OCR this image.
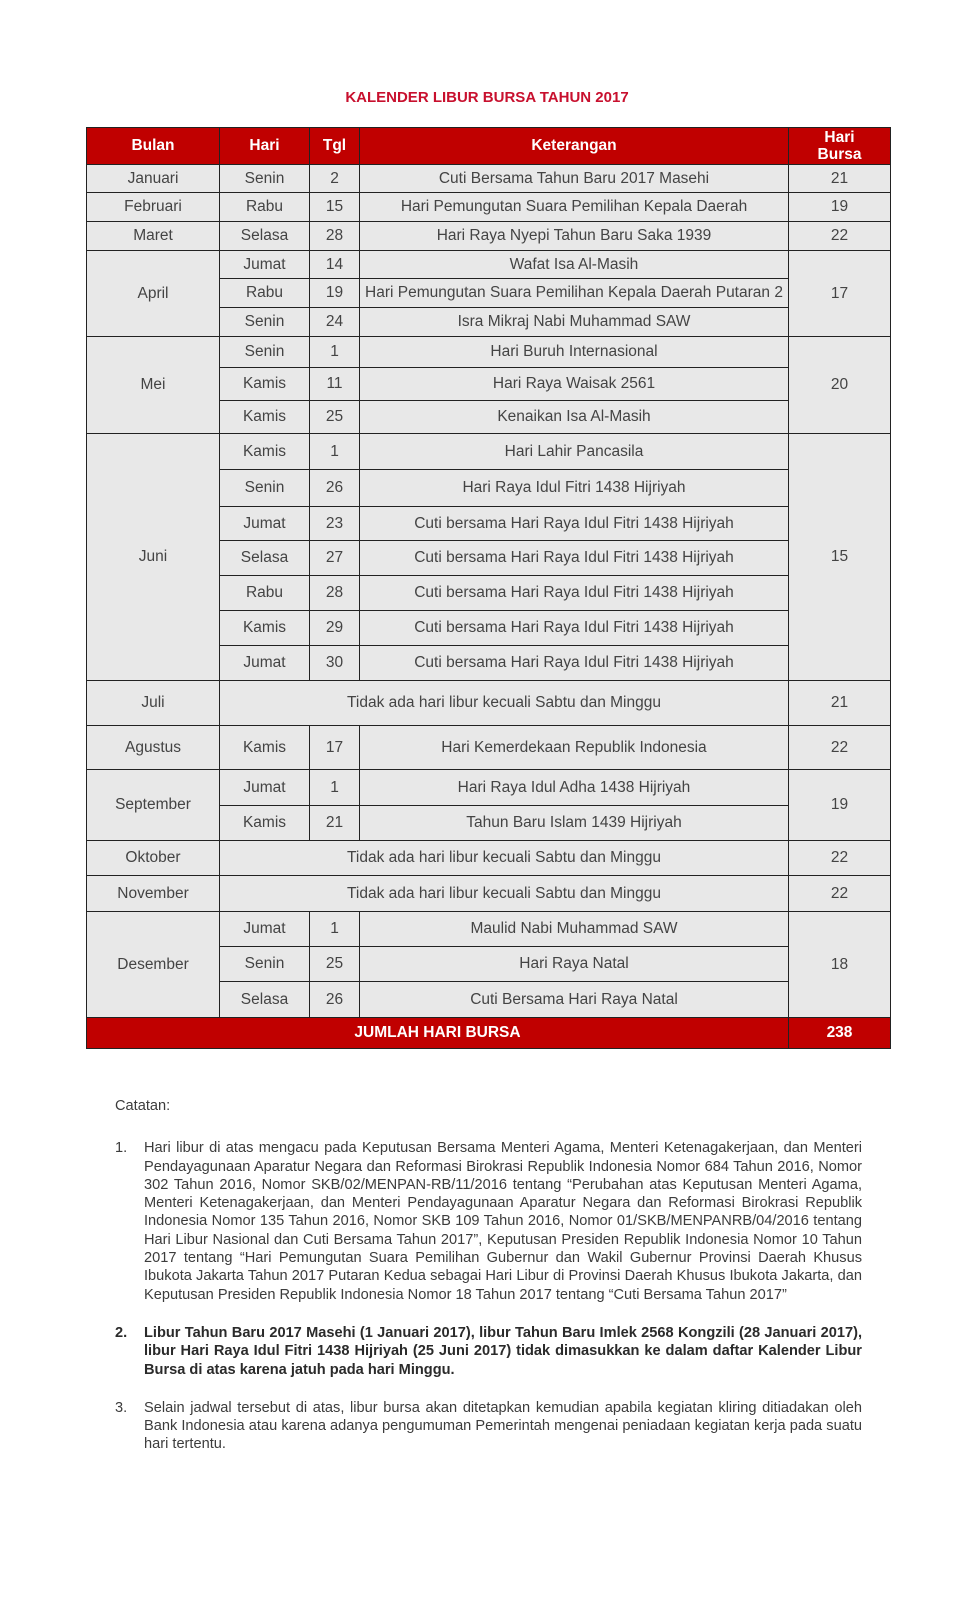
KALENDER LIBUR BURSA TAHUN 2017
Bulan	Hari	Tgl	Keterangan	Hari
Bursa
Januari	Senin	2	Cuti Bersama Tahun Baru 2017 Masehi	21
Februari	Rabu	15	Hari Pemungutan Suara Pemilihan Kepala Daerah	19
Maret	Selasa	28	Hari Raya Nyepi Tahun Baru Saka 1939	22
April	Jumat	14	Wafat Isa Al-Masih	17
	Rabu	19	Hari Pemungutan Suara Pemilihan Kepala Daerah Putaran 2	
	Senin	24	Isra Mikraj Nabi Muhammad SAW	
Mei	Senin	1	Hari Buruh Internasional	20
	Kamis	11	Hari Raya Waisak 2561	
	Kamis	25	Kenaikan Isa Al-Masih	
Juni	Kamis	1	Hari Lahir Pancasila	15
	Senin	26	Hari Raya Idul Fitri 1438 Hijriyah	
	Jumat	23	Cuti bersama Hari Raya Idul Fitri 1438 Hijriyah	
	Selasa	27	Cuti bersama Hari Raya Idul Fitri 1438 Hijriyah	
	Rabu	28	Cuti bersama Hari Raya Idul Fitri 1438 Hijriyah	
	Kamis	29	Cuti bersama Hari Raya Idul Fitri 1438 Hijriyah	
	Jumat	30	Cuti bersama Hari Raya Idul Fitri 1438 Hijriyah	
Juli	Tidak ada hari libur kecuali Sabtu dan Minggu			21
Agustus	Kamis	17	Hari Kemerdekaan Republik Indonesia	22
September	Jumat	1	Hari Raya Idul Adha 1438 Hijriyah	19
	Kamis	21	Tahun Baru Islam 1439 Hijriyah	
Oktober	Tidak ada hari libur kecuali Sabtu dan Minggu			22
November	Tidak ada hari libur kecuali Sabtu dan Minggu			22
Desember	Jumat	1	Maulid Nabi Muhammad SAW	18
	Senin	25	Hari Raya Natal	
	Selasa	26	Cuti Bersama Hari Raya Natal	
JUMLAH HARI BURSA				238

Catatan:

1.	Hari libur di atas mengacu pada Keputusan Bersama Menteri Agama, Menteri Ketenagakerjaan, dan Menteri Pendayagunaan Aparatur Negara dan Reformasi Birokrasi Republik Indonesia Nomor 684 Tahun 2016, Nomor 302 Tahun 2016, Nomor SKB/02/MENPAN-RB/11/2016 tentang “Perubahan atas Keputusan Menteri Agama, Menteri Ketenagakerjaan, dan Menteri Pendayagunaan Aparatur Negara dan Reformasi Birokrasi Republik Indonesia Nomor 135 Tahun 2016, Nomor SKB 109 Tahun 2016, Nomor 01/SKB/MENPANRB/04/2016 tentang Hari Libur Nasional dan Cuti Bersama Tahun 2017”, Keputusan Presiden Republik Indonesia Nomor 10 Tahun 2017 tentang “Hari Pemungutan Suara Pemilihan Gubernur dan Wakil Gubernur Provinsi Daerah Khusus Ibukota Jakarta Tahun 2017 Putaran Kedua sebagai Hari Libur di Provinsi Daerah Khusus Ibukota Jakarta, dan Keputusan Presiden Republik Indonesia Nomor 18 Tahun 2017 tentang “Cuti Bersama Tahun 2017”
2.	Libur Tahun Baru 2017 Masehi (1 Januari 2017), libur Tahun Baru Imlek 2568 Kongzili (28 Januari 2017), libur Hari Raya Idul Fitri 1438 Hijriyah (25 Juni 2017) tidak dimasukkan ke dalam daftar Kalender Libur Bursa di atas karena jatuh pada hari Minggu.
3.	Selain jadwal tersebut di atas, libur bursa akan ditetapkan kemudian apabila kegiatan kliring ditiadakan oleh Bank Indonesia atau karena adanya pengumuman Pemerintah mengenai peniadaan kegiatan kerja pada suatu hari tertentu.
